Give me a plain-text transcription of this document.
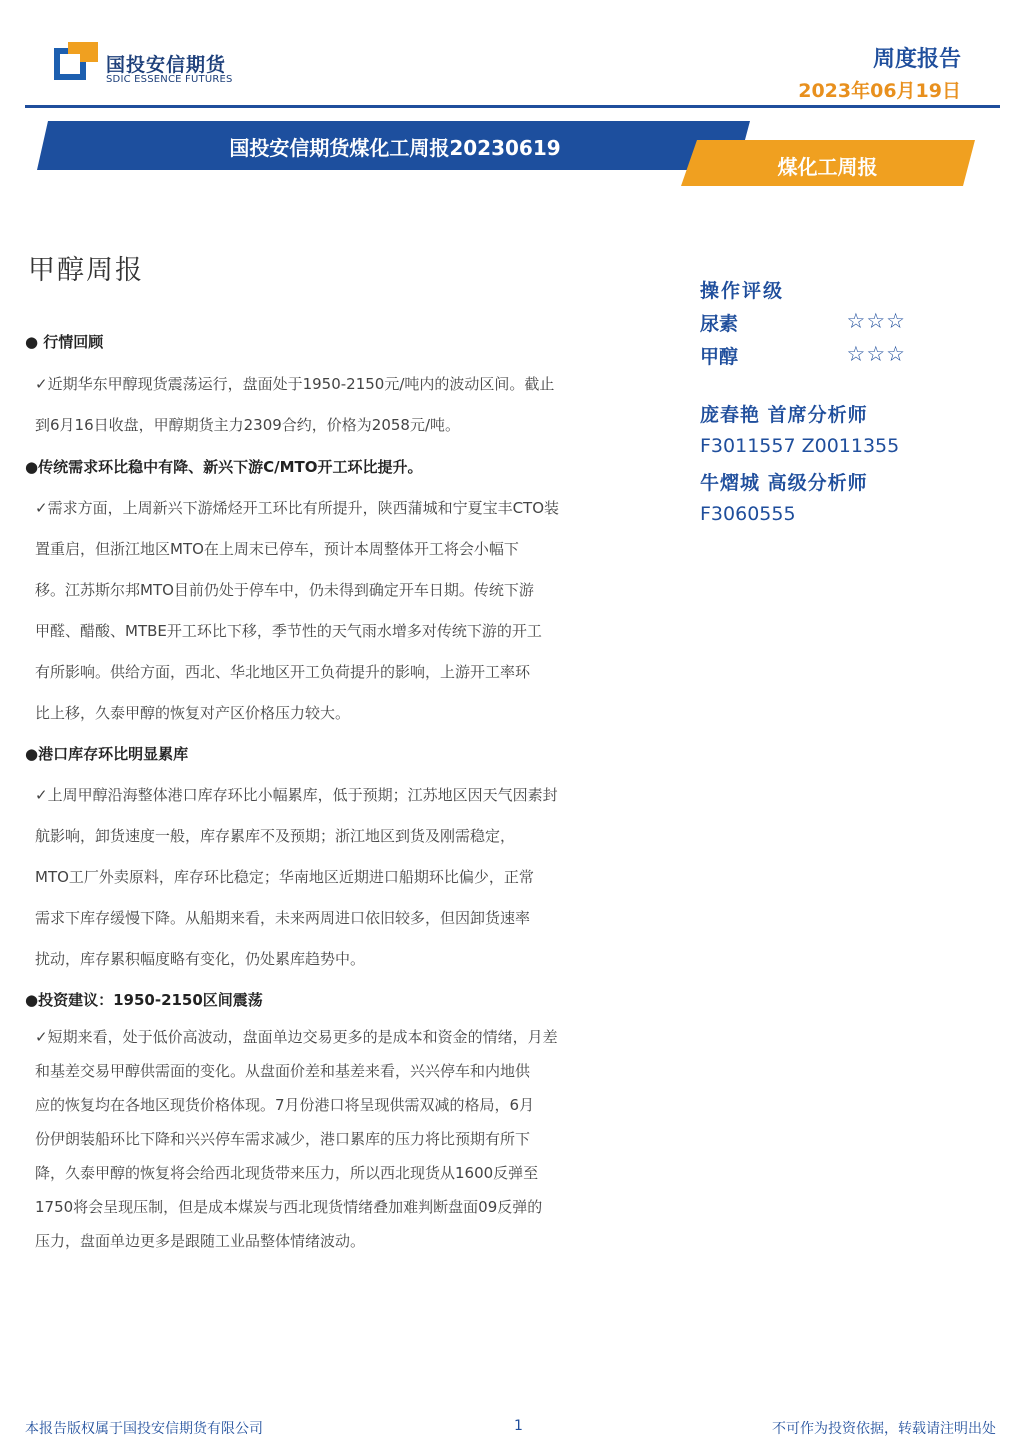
国投安信期货
SDIC ESSENCE FUTURES
周度报告
2023年06月19日
国投安信期货煤化工周报20230619
煤化工周报
甲醇周报

● 行情回顾

✓近期华东甲醇现货震荡运行，盘面处于1950-2150元/吨内的波动区间。截止

到6月16日收盘，甲醇期货主力2309合约，价格为2058元/吨。

●传统需求环比稳中有降、新兴下游C/MTO开工环比提升。

✓需求方面，上周新兴下游烯烃开工环比有所提升，陕西蒲城和宁夏宝丰CTO装

置重启，但浙江地区MTO在上周末已停车，预计本周整体开工将会小幅下

移。江苏斯尔邦MTO目前仍处于停车中，仍未得到确定开车日期。传统下游

甲醛、醋酸、MTBE开工环比下移，季节性的天气雨水增多对传统下游的开工

有所影响。供给方面，西北、华北地区开工负荷提升的影响，上游开工率环

比上移，久泰甲醇的恢复对产区价格压力较大。

●港口库存环比明显累库

✓上周甲醇沿海整体港口库存环比小幅累库，低于预期；江苏地区因天气因素封

航影响，卸货速度一般，库存累库不及预期；浙江地区到货及刚需稳定，

MTO工厂外卖原料，库存环比稳定；华南地区近期进口船期环比偏少，正常

需求下库存缓慢下降。从船期来看，未来两周进口依旧较多，但因卸货速率

扰动，库存累积幅度略有变化，仍处累库趋势中。

●投资建议：1950-2150区间震荡

✓短期来看，处于低价高波动，盘面单边交易更多的是成本和资金的情绪，月差

和基差交易甲醇供需面的变化。从盘面价差和基差来看，兴兴停车和内地供

应的恢复均在各地区现货价格体现。7月份港口将呈现供需双减的格局，6月

份伊朗装船环比下降和兴兴停车需求减少，港口累库的压力将比预期有所下

降，久泰甲醇的恢复将会给西北现货带来压力，所以西北现货从1600反弹至

1750将会呈现压制，但是成本煤炭与西北现货情绪叠加难判断盘面09反弹的

压力，盘面单边更多是跟随工业品整体情绪波动。

操作评级
尿素	☆☆☆
甲醇	☆☆☆
庞春艳 首席分析师
F3011557 Z0011355
牛熠城 高级分析师
F3060555
本报告版权属于国投安信期货有限公司	1	不可作为投资依据，转载请注明出处
